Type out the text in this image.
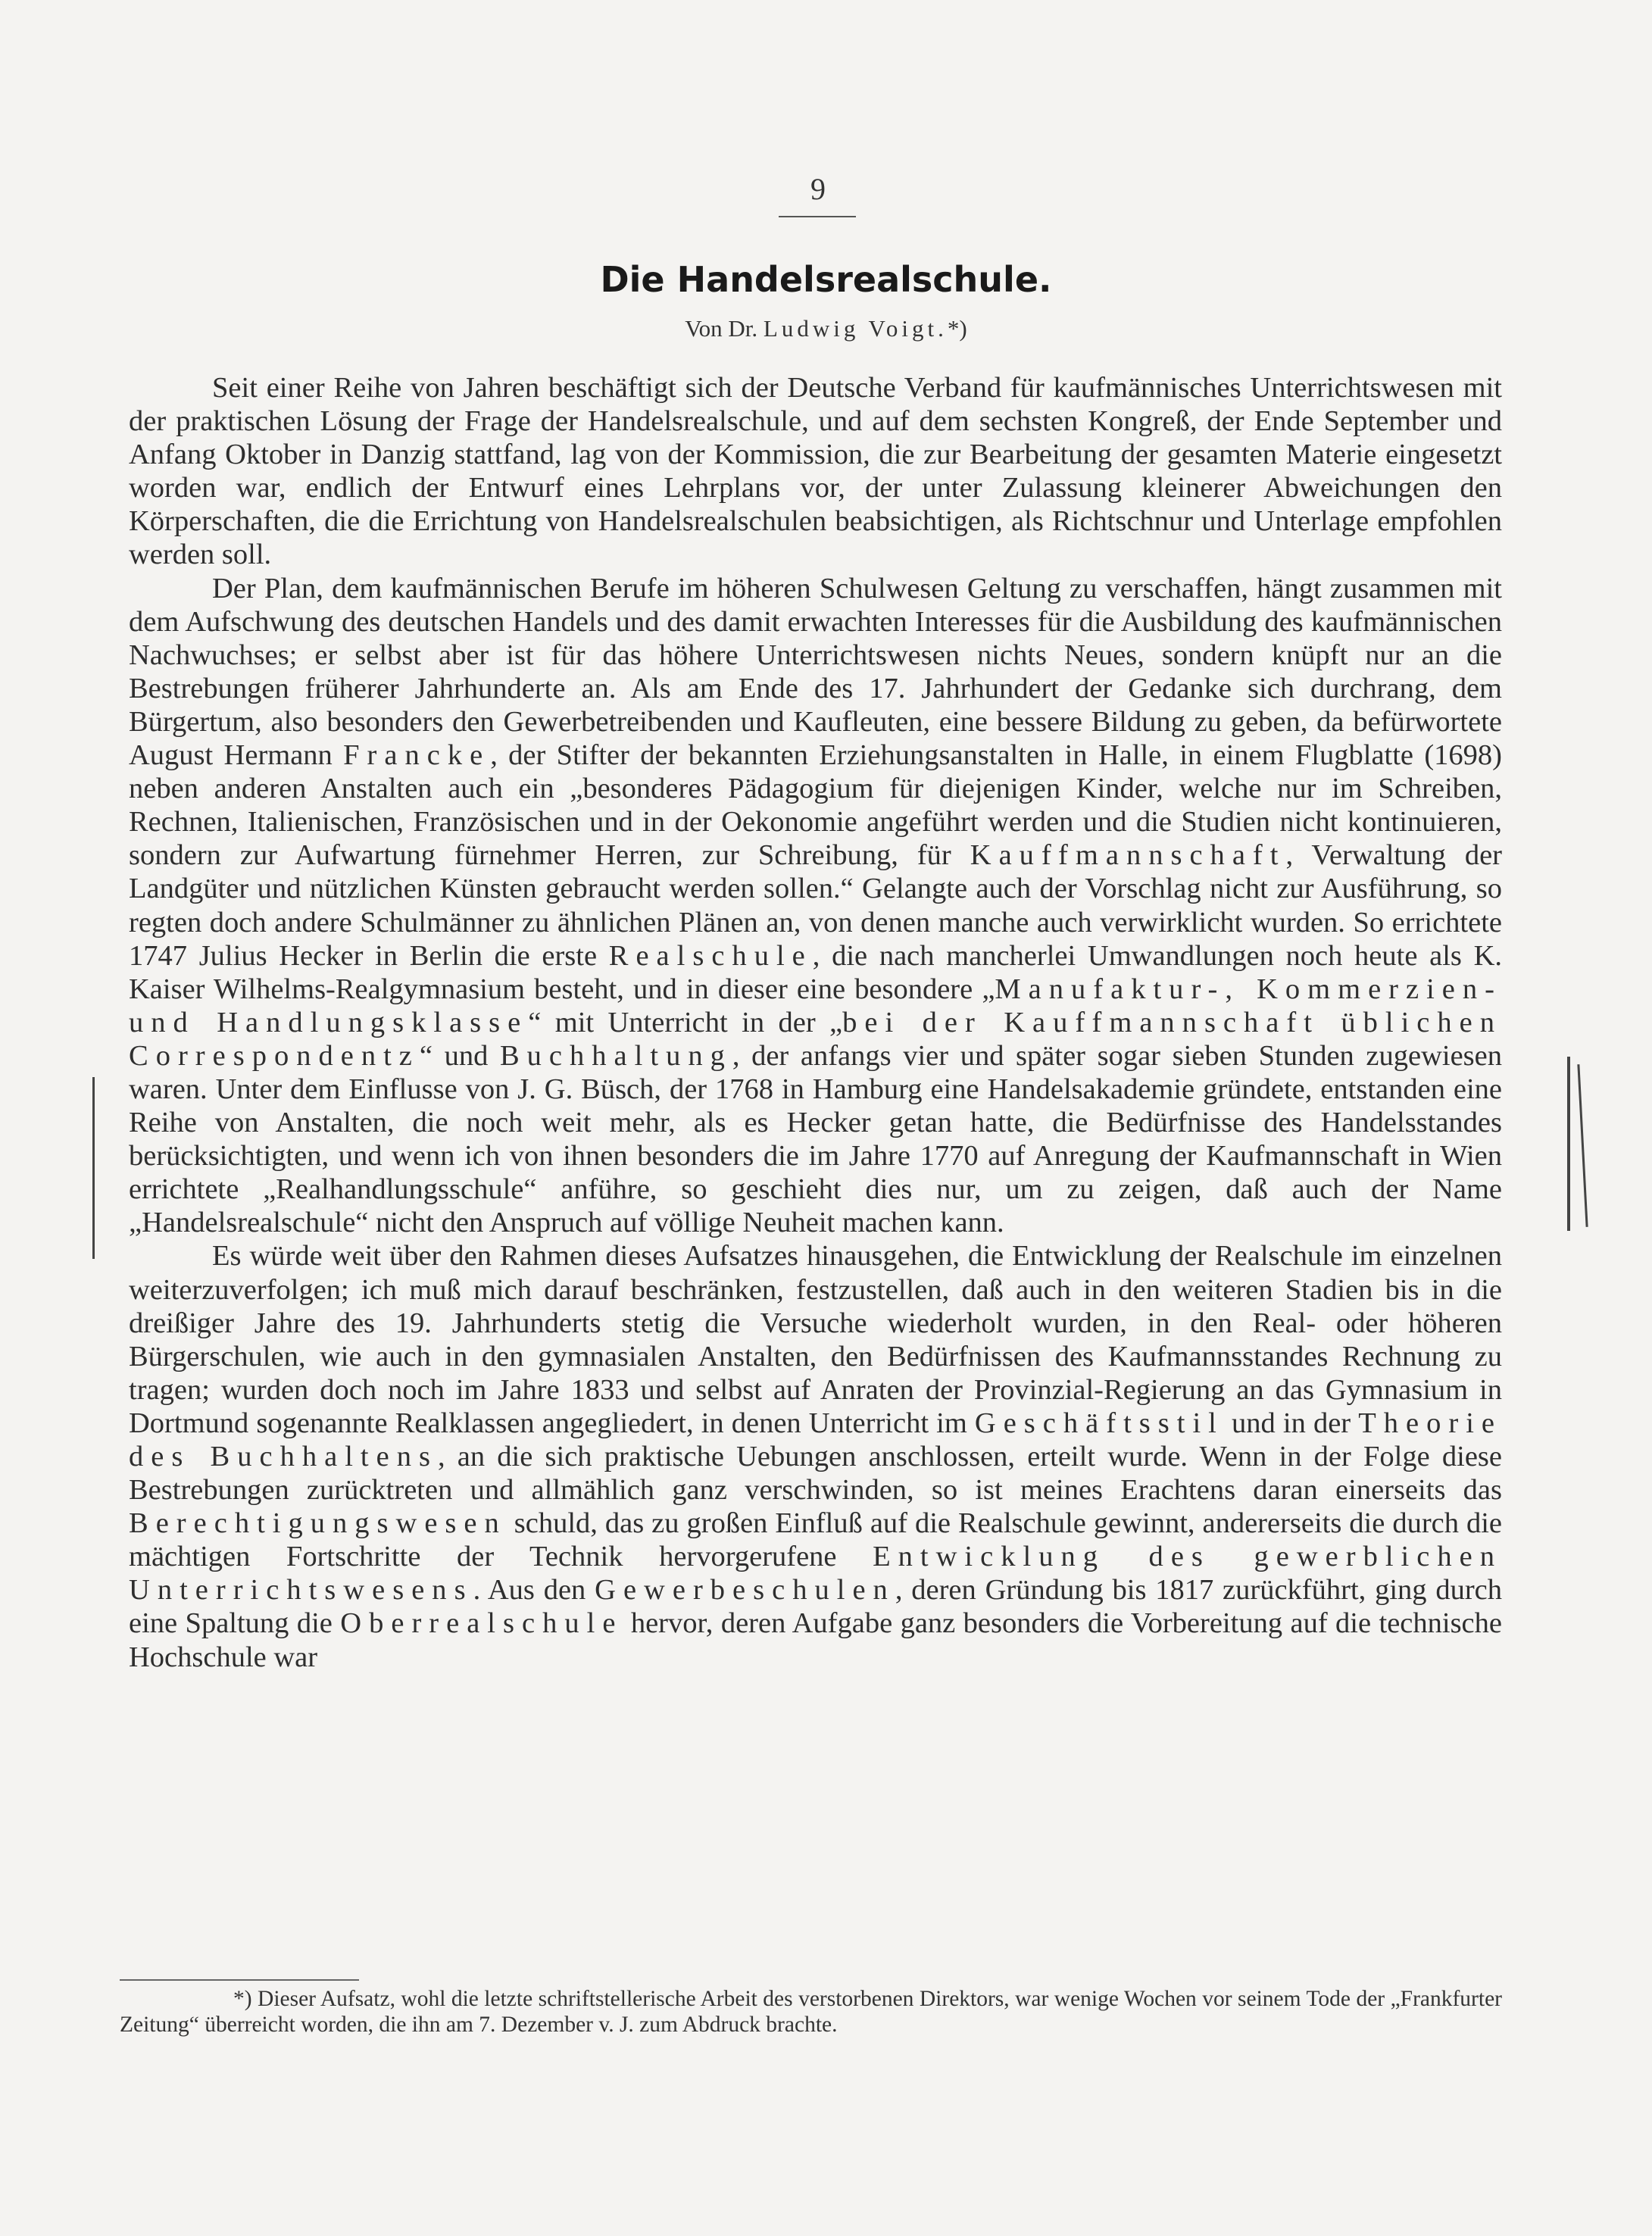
9
Die Handelsrealschule.
Von Dr. Ludwig Voigt.*)

Seit einer Reihe von Jahren beschäftigt sich der Deutsche Verband für kaufmännisches Unterrichtswesen mit der praktischen Lösung der Frage der Handelsrealschule, und auf dem sechsten Kongreß, der Ende September und Anfang Oktober in Danzig stattfand, lag von der Kommission, die zur Bearbeitung der gesamten Materie eingesetzt worden war, endlich der Entwurf eines Lehrplans vor, der unter Zulassung kleinerer Abweichungen den Körperschaften, die die Errichtung von Handelsrealschulen beabsichtigen, als Richtschnur und Unterlage empfohlen werden soll.

Der Plan, dem kaufmännischen Berufe im höheren Schulwesen Geltung zu verschaffen, hängt zusammen mit dem Aufschwung des deutschen Handels und des damit erwachten Interesses für die Ausbildung des kaufmännischen Nachwuchses; er selbst aber ist für das höhere Unterrichtswesen nichts Neues, sondern knüpft nur an die Bestrebungen früherer Jahrhunderte an. Als am Ende des 17. Jahrhundert der Gedanke sich durchrang, dem Bürgertum, also besonders den Gewerbetreibenden und Kaufleuten, eine bessere Bildung zu geben, da befürwortete August Hermann Francke, der Stifter der bekannten Erziehungsanstalten in Halle, in einem Flugblatte (1698) neben anderen Anstalten auch ein „besonderes Pädagogium für diejenigen Kinder, welche nur im Schreiben, Rechnen, Italienischen, Französischen und in der Oekonomie angeführt werden und die Studien nicht kontinuieren, sondern zur Aufwartung fürnehmer Herren, zur Schreibung, für Kauffmannschaft, Verwaltung der Landgüter und nützlichen Künsten gebraucht werden sollen.“ Gelangte auch der Vorschlag nicht zur Ausführung, so regten doch andere Schulmänner zu ähnlichen Plänen an, von denen manche auch verwirklicht wurden. So errichtete 1747 Julius Hecker in Berlin die erste Realschule, die nach mancherlei Umwandlungen noch heute als K. Kaiser Wilhelms-Realgymnasium besteht, und in dieser eine besondere „Manufaktur-, Kommerzien- und Handlungsklasse“ mit Unterricht in der „bei der Kauffmannschaft üblichen Correspondentz“ und Buchhaltung, der anfangs vier und später sogar sieben Stunden zugewiesen waren. Unter dem Einflusse von J. G. Büsch, der 1768 in Hamburg eine Handelsakademie gründete, entstanden eine Reihe von Anstalten, die noch weit mehr, als es Hecker getan hatte, die Bedürfnisse des Handelsstandes berücksichtigten, und wenn ich von ihnen besonders die im Jahre 1770 auf Anregung der Kaufmannschaft in Wien errichtete „Realhandlungsschule“ anführe, so geschieht dies nur, um zu zeigen, daß auch der Name „Handelsrealschule“ nicht den Anspruch auf völlige Neuheit machen kann.

Es würde weit über den Rahmen dieses Aufsatzes hinausgehen, die Entwicklung der Realschule im einzelnen weiterzuverfolgen; ich muß mich darauf beschränken, festzustellen, daß auch in den weiteren Stadien bis in die dreißiger Jahre des 19. Jahrhunderts stetig die Versuche wiederholt wurden, in den Real- oder höheren Bürgerschulen, wie auch in den gymnasialen Anstalten, den Bedürfnissen des Kaufmannsstandes Rechnung zu tragen; wurden doch noch im Jahre 1833 und selbst auf Anraten der Provinzial-Regierung an das Gymnasium in Dortmund sogenannte Realklassen angegliedert, in denen Unterricht im Geschäftsstil und in der Theorie des Buchhaltens, an die sich praktische Uebungen anschlossen, erteilt wurde. Wenn in der Folge diese Bestrebungen zurücktreten und allmählich ganz verschwinden, so ist meines Erachtens daran einerseits das Berechtigungswesen schuld, das zu großen Einfluß auf die Realschule gewinnt, andererseits die durch die mächtigen Fortschritte der Technik hervorgerufene Entwicklung des gewerblichen Unterrichtswesens. Aus den Gewerbeschulen, deren Gründung bis 1817 zurückführt, ging durch eine Spaltung die Oberrealschule hervor, deren Aufgabe ganz besonders die Vorbereitung auf die technische Hochschule war

*) Dieser Aufsatz, wohl die letzte schriftstellerische Arbeit des verstorbenen Direktors, war wenige Wochen vor seinem Tode der „Frankfurter Zeitung“ überreicht worden, die ihn am 7. Dezember v. J. zum Abdruck brachte.
